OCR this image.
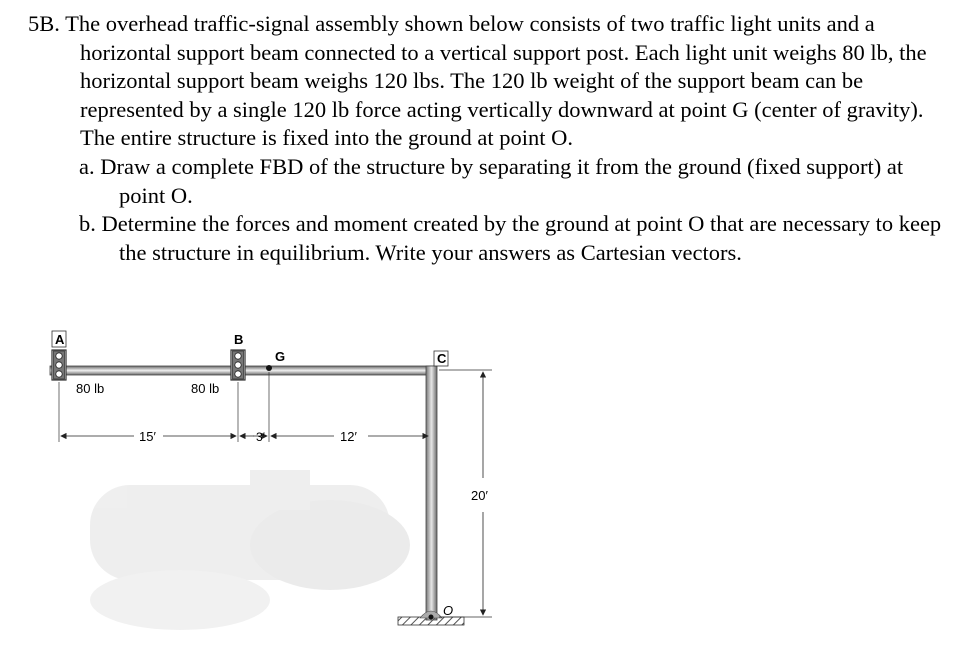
5B. The overhead traffic-signal assembly shown below consists of two traffic light units and a horizontal support beam connected to a vertical support post. Each light unit weighs 80 lb, the horizontal support beam weighs 120 lbs. The 120 lb weight of the support beam can be represented by a single 120 lb force acting vertically downward at point G (center of gravity). The entire structure is fixed into the ground at point O.

a. Draw a complete FBD of the structure by separating it from the ground (fixed support) at point O.

b. Determine the forces and moment created by the ground at point O that are necessary to keep the structure in equilibrium. Write your answers as Cartesian vectors.

A	B
G	C
O
80 lb	80 lb
15′	3′	12′
20′
